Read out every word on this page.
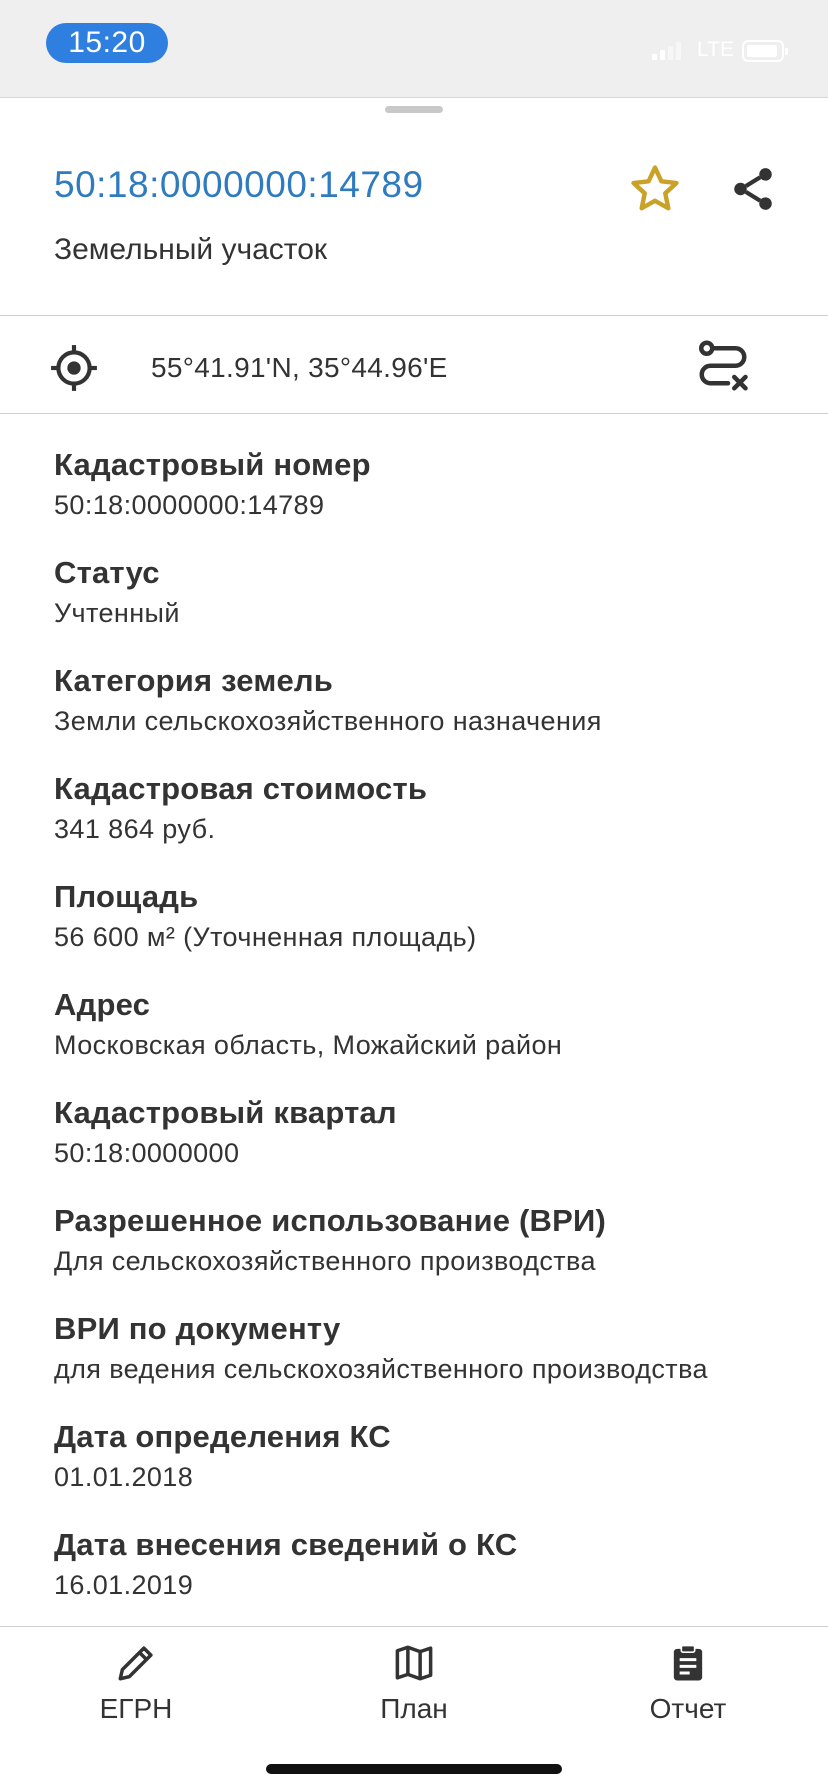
15:20	LTE
50:18:0000000:14789
Земельный участок
55°41.91'N, 35°44.96'E
Кадастровый номер
50:18:0000000:14789
Статус
Учтенный
Категория земель
Земли сельскохозяйственного назначения
Кадастровая стоимость
341 864 руб.
Площадь
56 600 м² (Уточненная площадь)
Адрес
Московская область, Можайский район
Кадастровый квартал
50:18:0000000
Разрешенное использование (ВРИ)
Для сельскохозяйственного производства
ВРИ по документу
для ведения сельскохозяйственного производства
Дата определения КС
01.01.2018
Дата внесения сведений о КС
16.01.2019
ЕГРН	План	Отчет
